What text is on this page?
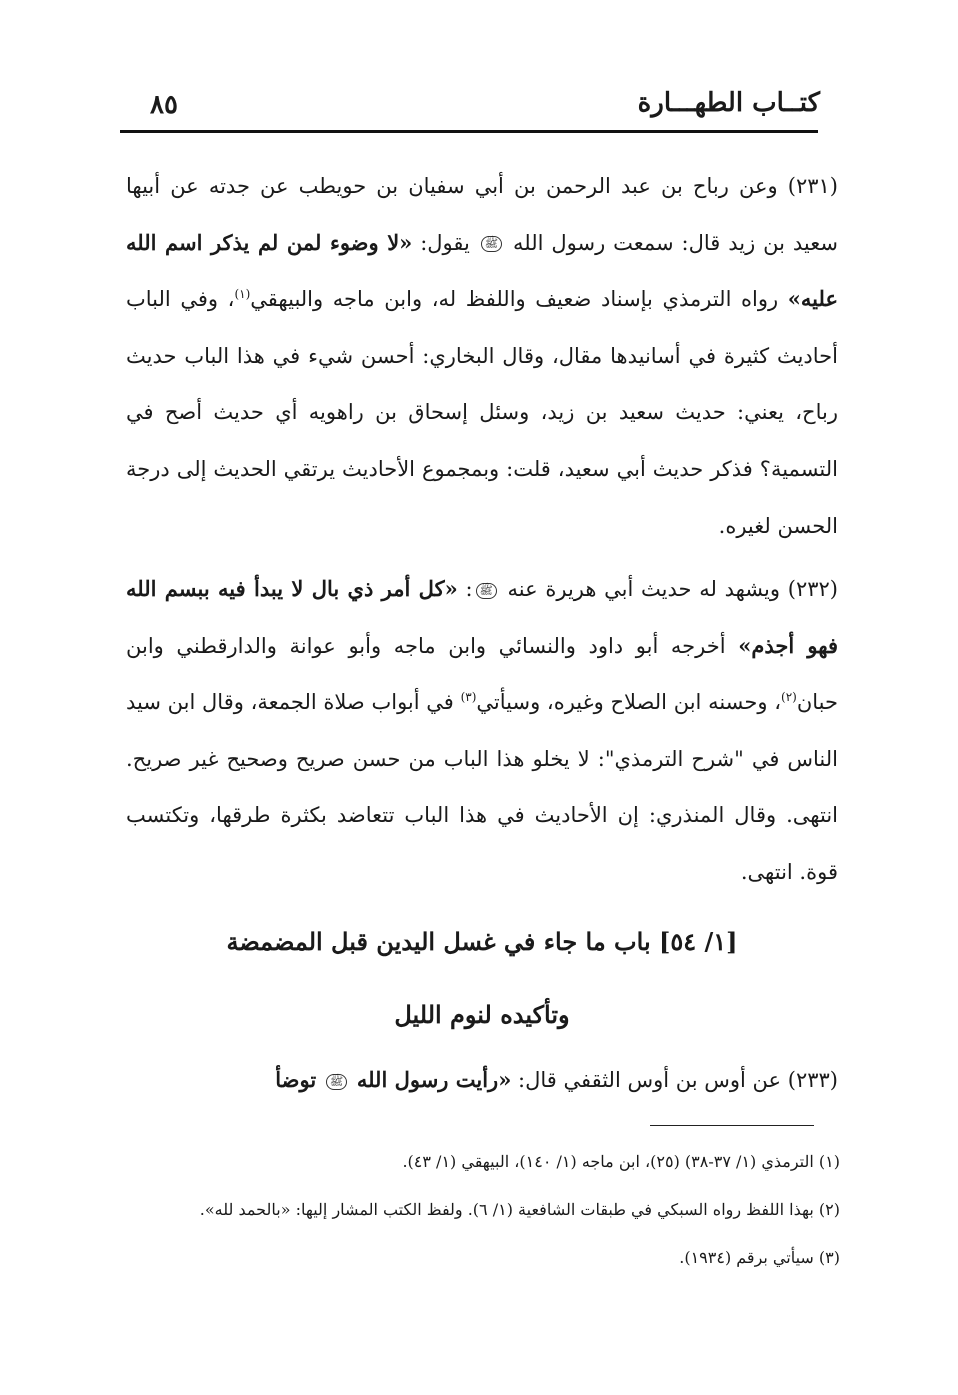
كتــاب الطهـــارة
٨٥
(٢٣١) وعن رباح بن عبد الرحمن بن أبي سفيان بن حويطب عن جدته عن أبيها سعيد بن زيد قال: سمعت رسول الله ﷺ يقول: «لا وضوء لمن لم يذكر اسم الله عليه» رواه الترمذي بإسناد ضعيف واللفظ له، وابن ماجه والبيهقي$^{(١)}$، وفي الباب أحاديث كثيرة في أسانيدها مقال، وقال البخاري: أحسن شيء في هذا الباب حديث رباح، يعني: حديث سعيد بن زيد، وسئل إسحاق بن راهويه أي حديث أصح في التسمية؟ فذكر حديث أبي سعيد، قلت: وبمجموع الأحاديث يرتقي الحديث إلى درجة الحسن لغيره.
(٢٣٢) ويشهد له حديث أبي هريرة عنه ﷺ: «كل أمر ذي بال لا يبدأ فيه ببسم الله فهو أجذم» أخرجه أبو داود والنسائي وابن ماجه وأبو عوانة والدارقطني وابن حبان$^{(٢)}$، وحسنه ابن الصلاح وغيره، وسيأتي$^{(٣)}$ في أبواب صلاة الجمعة، وقال ابن سيد الناس في "شرح الترمذي": لا يخلو هذا الباب من حسن صريح وصحيح غير صريح. انتهى. وقال المنذري: إن الأحاديث في هذا الباب تتعاضد بكثرة طرقها، وتكتسب قوة. انتهى.
[١/ ٥٤] باب ما جاء في غسل اليدين قبل المضمضة
وتأكيده لنوم الليل
(٢٣٣) عن أوس بن أوس الثقفي قال: «رأيت رسول الله ﷺ توضأ
(١) الترمذي (١/ ٣٧-٣٨) (٢٥)، ابن ماجه (١/ ١٤٠)، البيهقي (١/ ٤٣).
(٢) بهذا اللفظ رواه السبكي في طبقات الشافعية (١/ ٦). ولفظ الكتب المشار إليها: «بالحمد لله».
(٣) سيأتي برقم (١٩٣٤).
